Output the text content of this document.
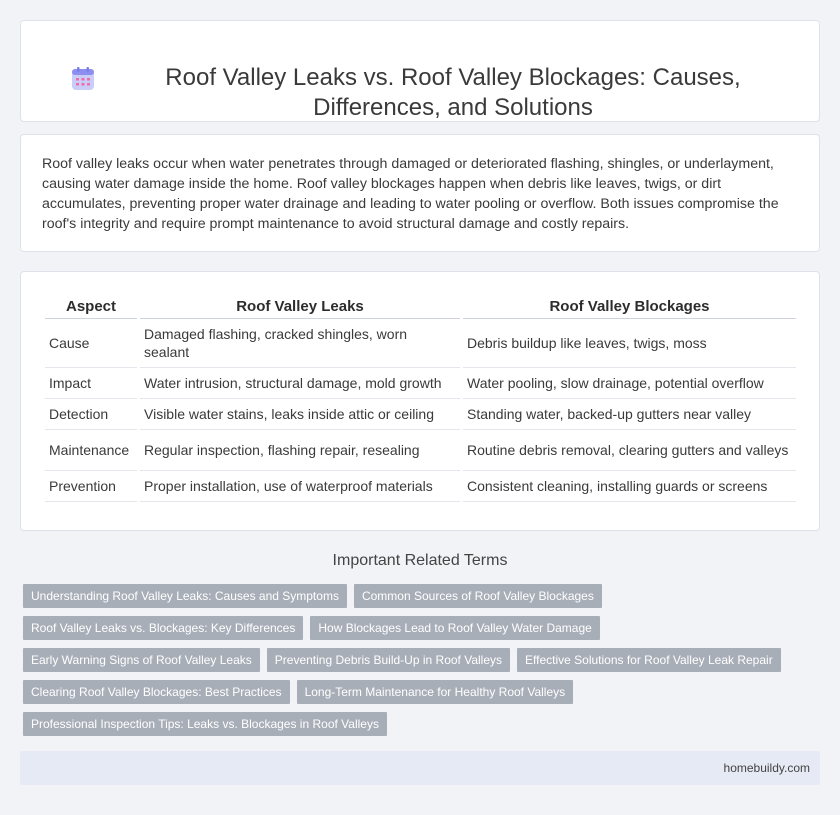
Roof Valley Leaks vs. Roof Valley Blockages: Causes, Differences, and Solutions

Roof valley leaks occur when water penetrates through damaged or deteriorated flashing, shingles, or underlayment, causing water damage inside the home. Roof valley blockages happen when debris like leaves, twigs, or dirt accumulates, preventing proper water drainage and leading to water pooling or overflow. Both issues compromise the roof's integrity and require prompt maintenance to avoid structural damage and costly repairs.

Aspect	Roof Valley Leaks	Roof Valley Blockages
Cause	Damaged flashing, cracked shingles, worn sealant	Debris buildup like leaves, twigs, moss
Impact	Water intrusion, structural damage, mold growth	Water pooling, slow drainage, potential overflow
Detection	Visible water stains, leaks inside attic or ceiling	Standing water, backed-up gutters near valley
Maintenance	Regular inspection, flashing repair, resealing	Routine debris removal, clearing gutters and valleys
Prevention	Proper installation, use of waterproof materials	Consistent cleaning, installing guards or screens
Important Related Terms
Understanding Roof Valley Leaks: Causes and Symptoms	Common Sources of Roof Valley Blockages
Roof Valley Leaks vs. Blockages: Key Differences	How Blockages Lead to Roof Valley Water Damage
Early Warning Signs of Roof Valley Leaks	Preventing Debris Build-Up in Roof Valleys	Effective Solutions for Roof Valley Leak Repair
Clearing Roof Valley Blockages: Best Practices	Long-Term Maintenance for Healthy Roof Valleys
Professional Inspection Tips: Leaks vs. Blockages in Roof Valleys
homebuildy.com
